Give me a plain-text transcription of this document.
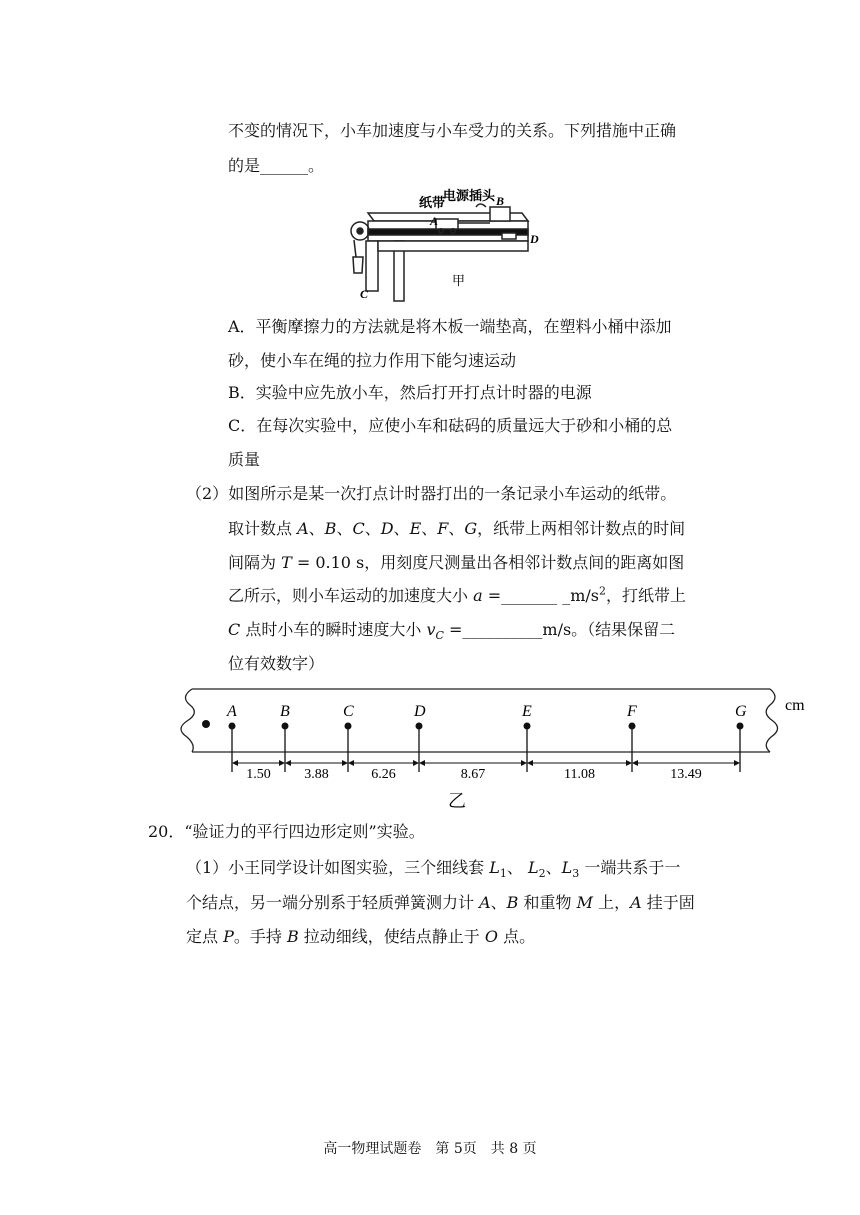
不变的情况下，小车加速度与小车受力的关系。下列措施中正确
的是______。
纸带
电源插头
A
B
C
D
甲
A．平衡摩擦力的方法就是将木板一端垫高，在塑料小桶中添加
砂，使小车在绳的拉力作用下能匀速运动
B．实验中应先放小车，然后打开打点计时器的电源
C．在每次实验中，应使小车和砝码的质量远大于砂和小桶的总
质量
（2）如图所示是某一次打点计时器打出的一条记录小车运动的纸带。
取计数点 A、B、C、D、E、F、G，纸带上两相邻计数点的时间
间隔为 T = 0.10 s，用刻度尺测量出各相邻计数点间的距离如图
乙所示，则小车运动的加速度大小 a =_______ $\_m/s^2$，打纸带上
C 点时小车的瞬时速度大小 $v_C$ =__________m/s。（结果保留二
位有效数字）
A	B	C	D	E	F	G
1.50 3.88	6.26	8.67	11.08	13.49
cm
乙
20．“验证力的平行四边形定则”实验。
（1）小王同学设计如图实验，三个细线套 $L_1$、 $L_2$、$L_3$ 一端共系于一
个结点，另一端分别系于轻质弹簧测力计 A、B 和重物 M 上，A 挂于固
定点 P。手持 B 拉动细线，使结点静止于 O 点。
高一物理试题卷　第 5页　共 8 页
